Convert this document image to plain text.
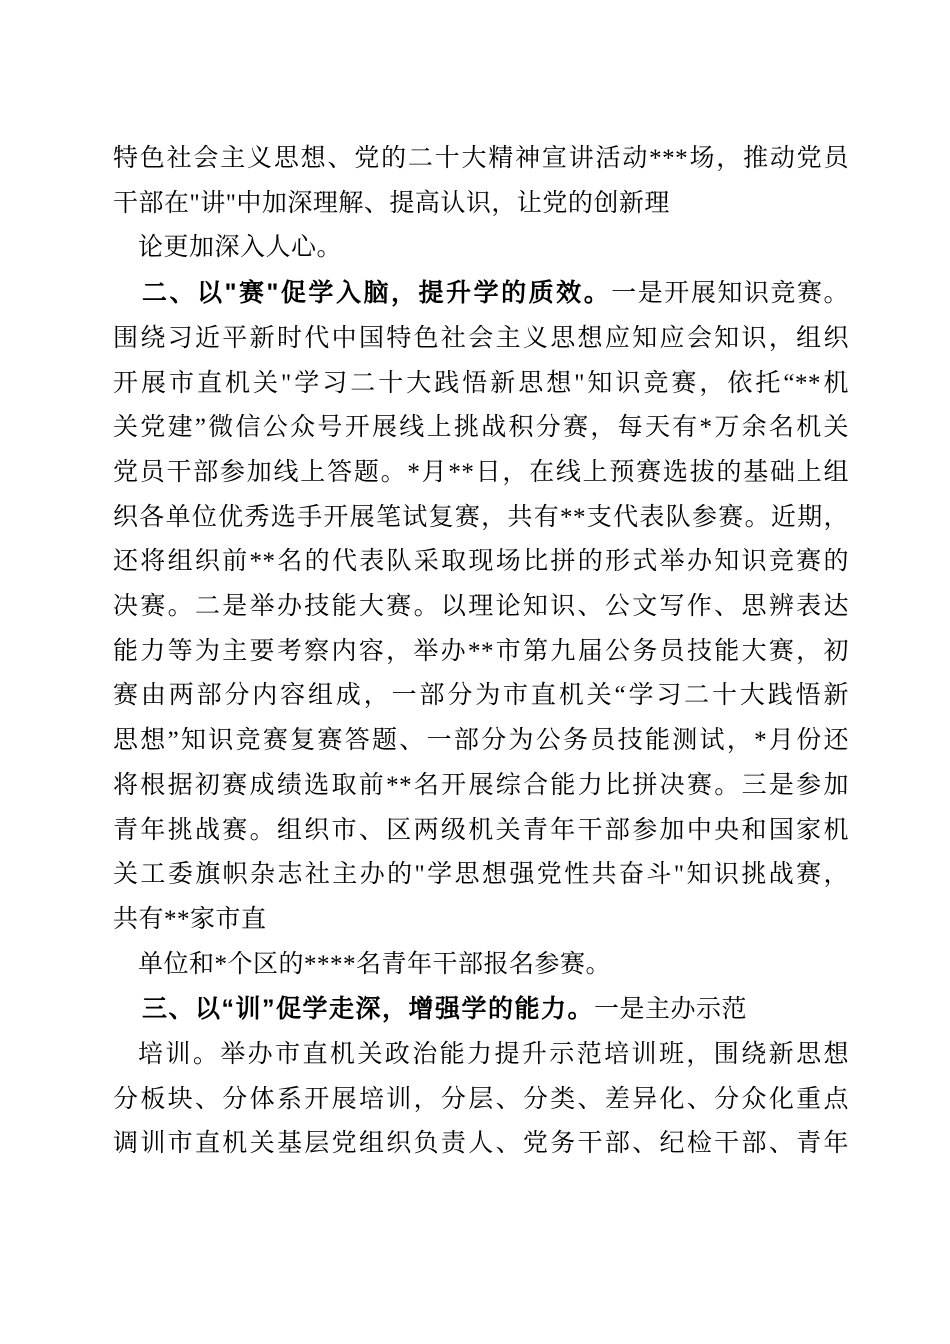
特色社会主义思想、党的二十大精神宣讲活动***场，推动党员
干部在"讲"中加深理解、提高认识，让党的创新理
论更加深入人心。
二、以"赛"促学入脑，提升学的质效。一是开展知识竞赛。
围绕习近平新时代中国特色社会主义思想应知应会知识，组织
开展市直机关"学习二十大践悟新思想"知识竞赛，依托“**机
关党建”微信公众号开展线上挑战积分赛，每天有*万余名机关
党员干部参加线上答题。*月**日，在线上预赛选拔的基础上组
织各单位优秀选手开展笔试复赛，共有**支代表队参赛。近期，
还将组织前**名的代表队采取现场比拼的形式举办知识竞赛的
决赛。二是举办技能大赛。以理论知识、公文写作、思辨表达
能力等为主要考察内容，举办**市第九届公务员技能大赛，初
赛由两部分内容组成，一部分为市直机关“学习二十大践悟新
思想”知识竞赛复赛答题、一部分为公务员技能测试，*月份还
将根据初赛成绩选取前**名开展综合能力比拼决赛。三是参加
青年挑战赛。组织市、区两级机关青年干部参加中央和国家机
关工委旗帜杂志社主办的"学思想强党性共奋斗"知识挑战赛，
共有**家市直
单位和*个区的****名青年干部报名参赛。
三、以“训”促学走深，增强学的能力。一是主办示范
培训。举办市直机关政治能力提升示范培训班，围绕新思想
分板块、分体系开展培训，分层、分类、差异化、分众化重点
调训市直机关基层党组织负责人、党务干部、纪检干部、青年
